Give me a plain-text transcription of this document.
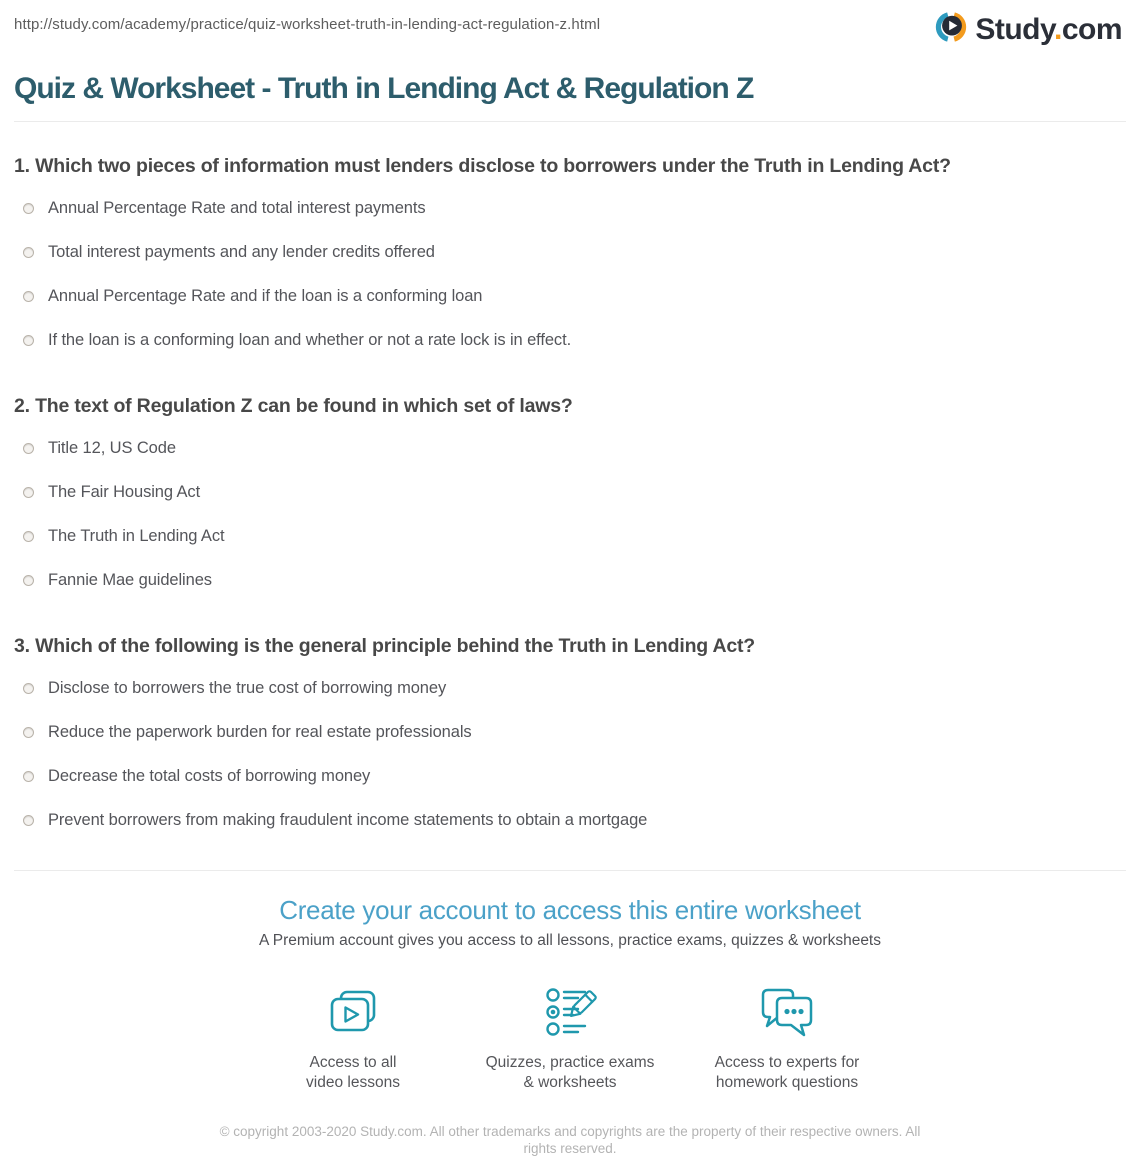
http://study.com/academy/practice/quiz-worksheet-truth-in-lending-act-regulation-z.html	Study.com
Quiz & Worksheet - Truth in Lending Act & Regulation Z
1. Which two pieces of information must lenders disclose to borrowers under the Truth in Lending Act?
Annual Percentage Rate and total interest payments
Total interest payments and any lender credits offered
Annual Percentage Rate and if the loan is a conforming loan
If the loan is a conforming loan and whether or not a rate lock is in effect.
2. The text of Regulation Z can be found in which set of laws?
Title 12, US Code
The Fair Housing Act
The Truth in Lending Act
Fannie Mae guidelines
3. Which of the following is the general principle behind the Truth in Lending Act?
Disclose to borrowers the true cost of borrowing money
Reduce the paperwork burden for real estate professionals
Decrease the total costs of borrowing money
Prevent borrowers from making fraudulent income statements to obtain a mortgage
Create your account to access this entire worksheet

A Premium account gives you access to all lessons, practice exams, quizzes & worksheets

Access to all
video lessons
Quizzes, practice exams
& worksheets
Access to experts for
homework questions
© copyright 2003-2020 Study.com. All other trademarks and copyrights are the property of their respective owners. All rights reserved.
